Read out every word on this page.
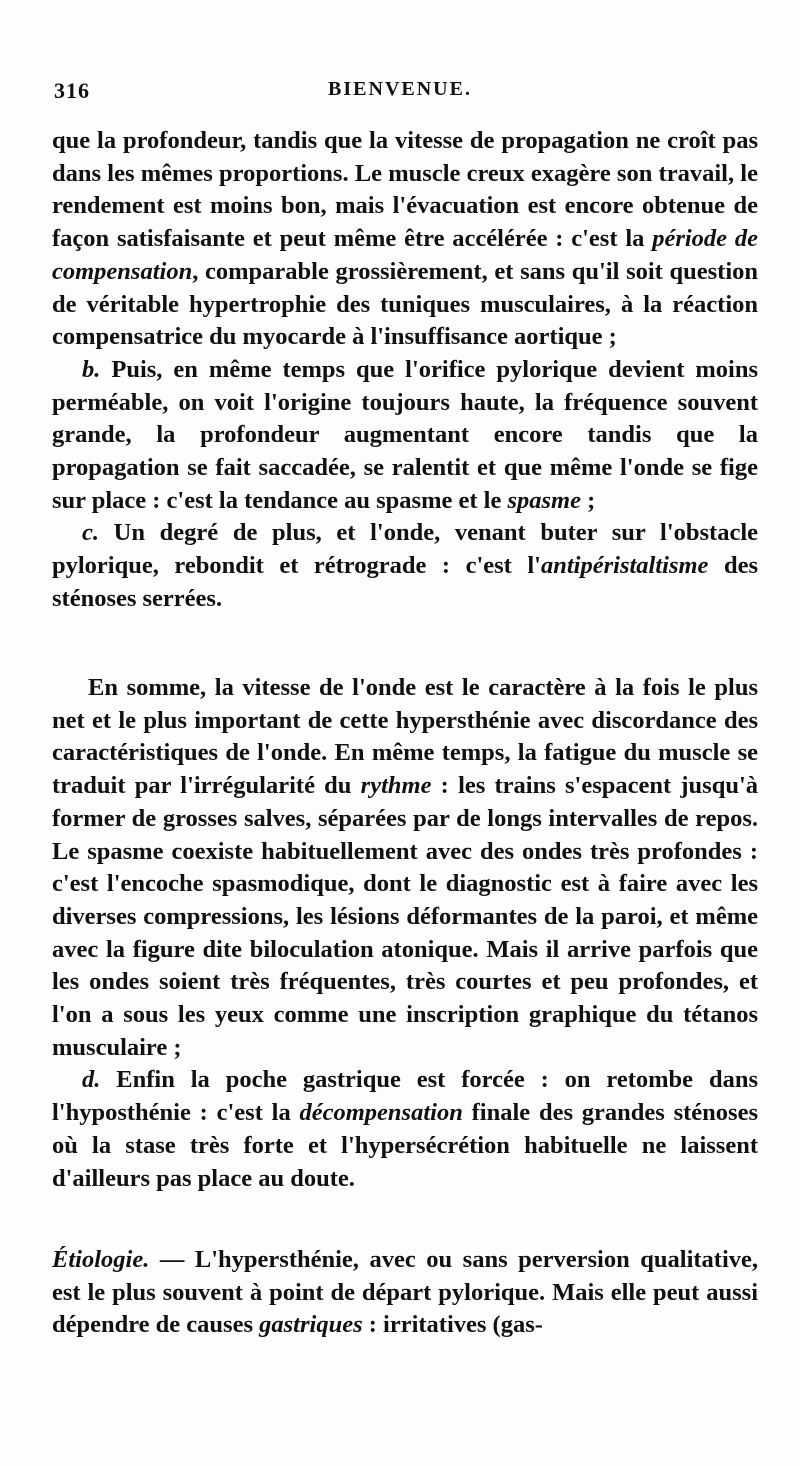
316	BIENVENUE.

que la profondeur, tandis que la vitesse de propagation ne croît pas dans les mêmes proportions. Le muscle creux exagère son travail, le rendement est moins bon, mais l'évacuation est encore obtenue de façon satisfaisante et peut même être accélérée : c'est la période de compensation, comparable grossièrement, et sans qu'il soit question de véritable hypertrophie des tuniques musculaires, à la réaction compensatrice du myocarde à l'insuffisance aortique ;

b. Puis, en même temps que l'orifice pylorique devient moins perméable, on voit l'origine toujours haute, la fréquence souvent grande, la profondeur augmentant encore tandis que la propagation se fait saccadée, se ralentit et que même l'onde se fige sur place : c'est la tendance au spasme et le spasme ;

c. Un degré de plus, et l'onde, venant buter sur l'obstacle pylorique, rebondit et rétrograde : c'est l'antipéristaltisme des sténoses serrées.

En somme, la vitesse de l'onde est le caractère à la fois le plus net et le plus important de cette hypersthénie avec discordance des caractéristiques de l'onde. En même temps, la fatigue du muscle se traduit par l'irrégularité du rythme : les trains s'espacent jusqu'à former de grosses salves, séparées par de longs intervalles de repos. Le spasme coexiste habituellement avec des ondes très profondes : c'est l'encoche spasmodique, dont le diagnostic est à faire avec les diverses compressions, les lésions déformantes de la paroi, et même avec la figure dite biloculation atonique. Mais il arrive parfois que les ondes soient très fréquentes, très courtes et peu profondes, et l'on a sous les yeux comme une inscription graphique du tétanos musculaire ;

d. Enfin la poche gastrique est forcée : on retombe dans l'hyposthénie : c'est la décompensation finale des grandes sténoses où la stase très forte et l'hypersécrétion habituelle ne laissent d'ailleurs pas place au doute.

Étiologie. — L'hypersthénie, avec ou sans perversion qualitative, est le plus souvent à point de départ pylorique. Mais elle peut aussi dépendre de causes gastriques : irritatives (gas-
